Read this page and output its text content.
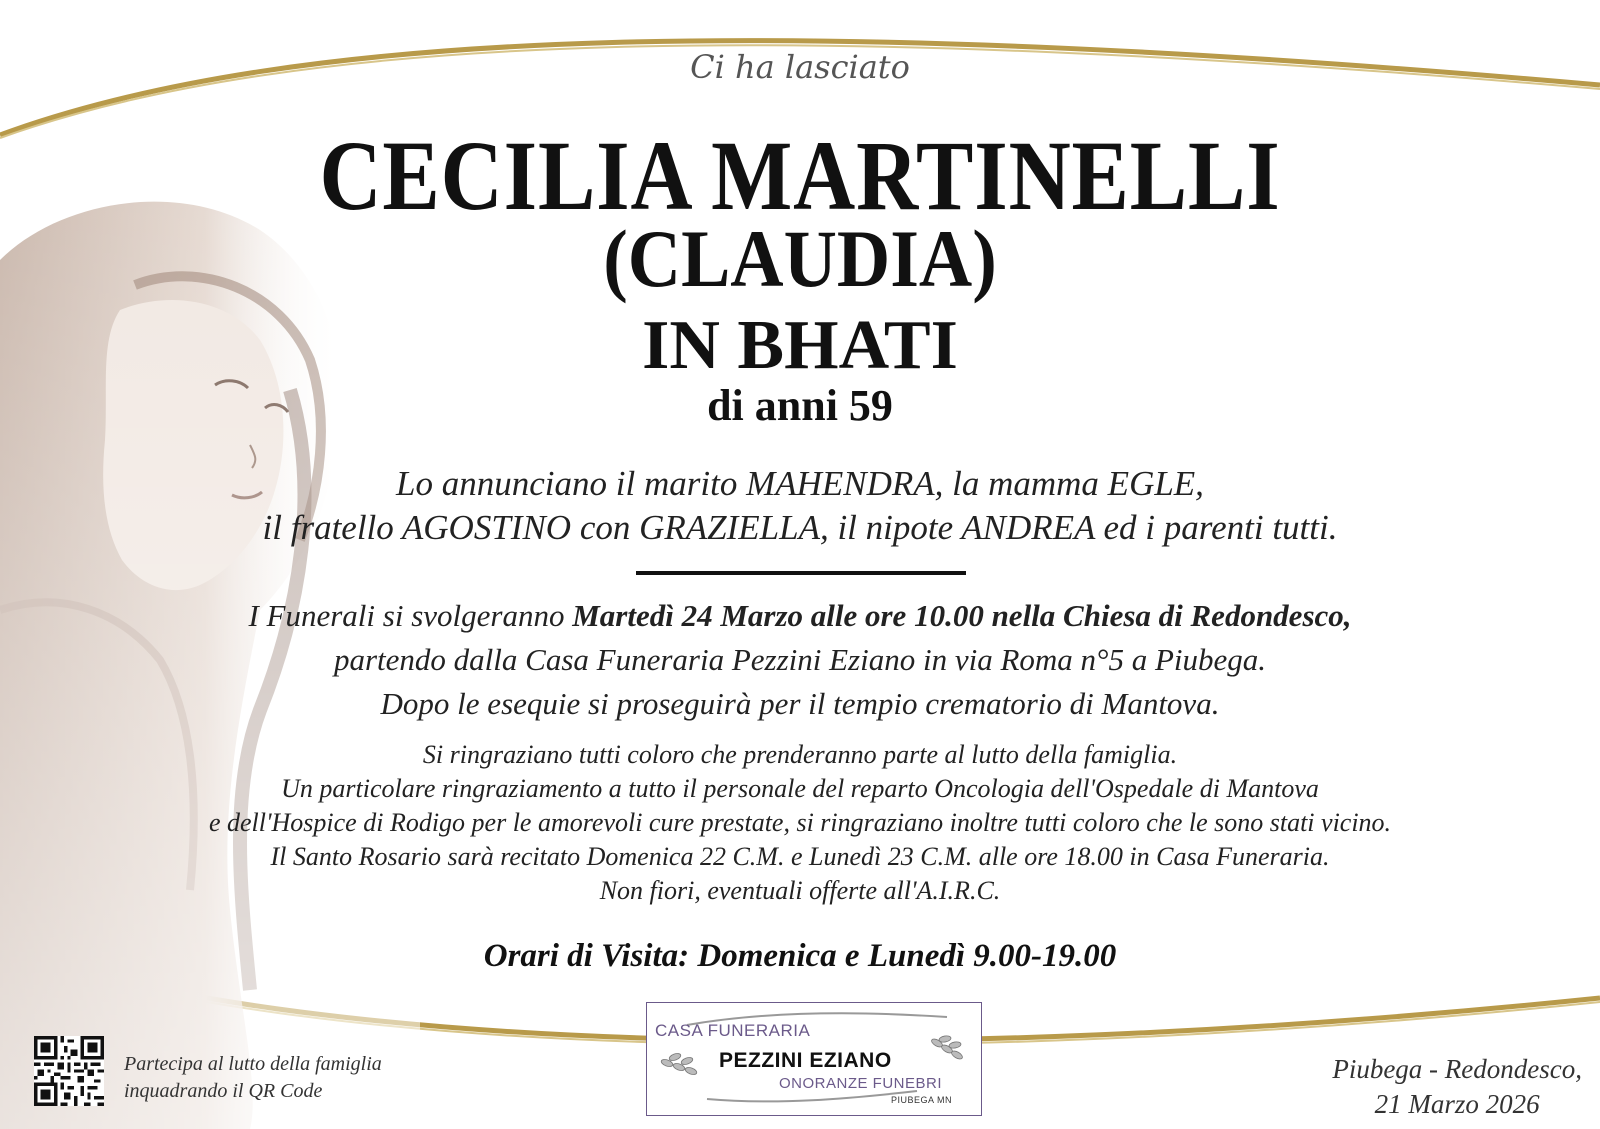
Ci ha lasciato
CECILIA MARTINELLI
(CLAUDIA)
IN BHATI
di anni 59
Lo annunciano il marito MAHENDRA, la mamma EGLE,
il fratello AGOSTINO con GRAZIELLA, il nipote ANDREA ed i parenti tutti.
I Funerali si svolgeranno Martedì 24 Marzo alle ore 10.00 nella Chiesa di Redondesco,
partendo dalla Casa Funeraria Pezzini Eziano in via Roma n°5 a Piubega.
Dopo le esequie si proseguirà per il tempio crematorio di Mantova.
Si ringraziano tutti coloro che prenderanno parte al lutto della famiglia.
Un particolare ringraziamento a tutto il personale del reparto Oncologia dell'Ospedale di Mantova
e dell'Hospice di Rodigo per le amorevoli cure prestate, si ringraziano inoltre tutti coloro che le sono stati vicino.
Il Santo Rosario sarà recitato Domenica 22 C.M. e Lunedì 23 C.M. alle ore 18.00 in Casa Funeraria.
Non fiori, eventuali offerte all'A.I.R.C.
Orari di Visita: Domenica e Lunedì 9.00-19.00
Partecipa al lutto della famiglia
inquadrando il QR Code
CASA FUNERARIA
PEZZINI EZIANO
ONORANZE FUNEBRI
PIUBEGA MN
Piubega - Redondesco,
21 Marzo 2026
